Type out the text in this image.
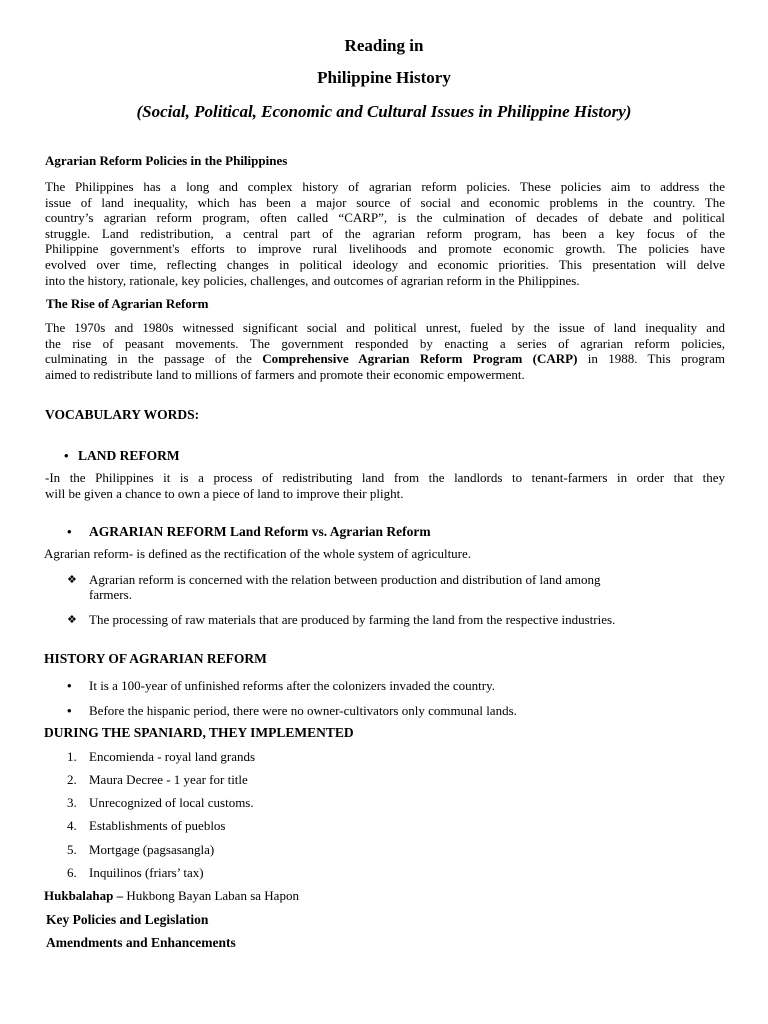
Reading in
Philippine History
(Social, Political, Economic and Cultural Issues in Philippine History)
Agrarian Reform Policies in the Philippines
The Philippines has a long and complex history of agrarian reform policies. These policies aim to address the
issue of land inequality, which has been a major source of social and economic problems in the country. The
country’s agrarian reform program, often called “CARP”, is the culmination of decades of debate and political
struggle. Land redistribution, a central part of the agrarian reform program, has been a key focus of the
Philippine government's efforts to improve rural livelihoods and promote economic growth. The policies have
evolved over time, reflecting changes in political ideology and economic priorities. This presentation will delve
into the history, rationale, key policies, challenges, and outcomes of agrarian reform in the Philippines.
The Rise of Agrarian Reform
The 1970s and 1980s witnessed significant social and political unrest, fueled by the issue of land inequality and
the rise of peasant movements. The government responded by enacting a series of agrarian reform policies,
culminating in the passage of the Comprehensive Agrarian Reform Program (CARP) in 1988. This program
aimed to redistribute land to millions of farmers and promote their economic empowerment.
VOCABULARY WORDS:
• LAND REFORM
-In the Philippines it is a process of redistributing land from the landlords to tenant-farmers in order that they
will be given a chance to own a piece of land to improve their plight.
• AGRARIAN REFORM Land Reform vs. Agrarian Reform
Agrarian reform- is defined as the rectification of the whole system of agriculture.
❖ Agrarian reform is concerned with the relation between production and distribution of land among
farmers.
❖ The processing of raw materials that are produced by farming the land from the respective industries.
HISTORY OF AGRARIAN REFORM
• It is a 100-year of unfinished reforms after the colonizers invaded the country.
• Before the hispanic period, there were no owner-cultivators only communal lands.
DURING THE SPANIARD, THEY IMPLEMENTED
1. Encomienda - royal land grands
2. Maura Decree - 1 year for title
3. Unrecognized of local customs.
4. Establishments of pueblos
5. Mortgage (pagsasangla)
6. Inquilinos (friars’ tax)
Hukbalahap – Hukbong Bayan Laban sa Hapon
Key Policies and Legislation
Amendments and Enhancements
